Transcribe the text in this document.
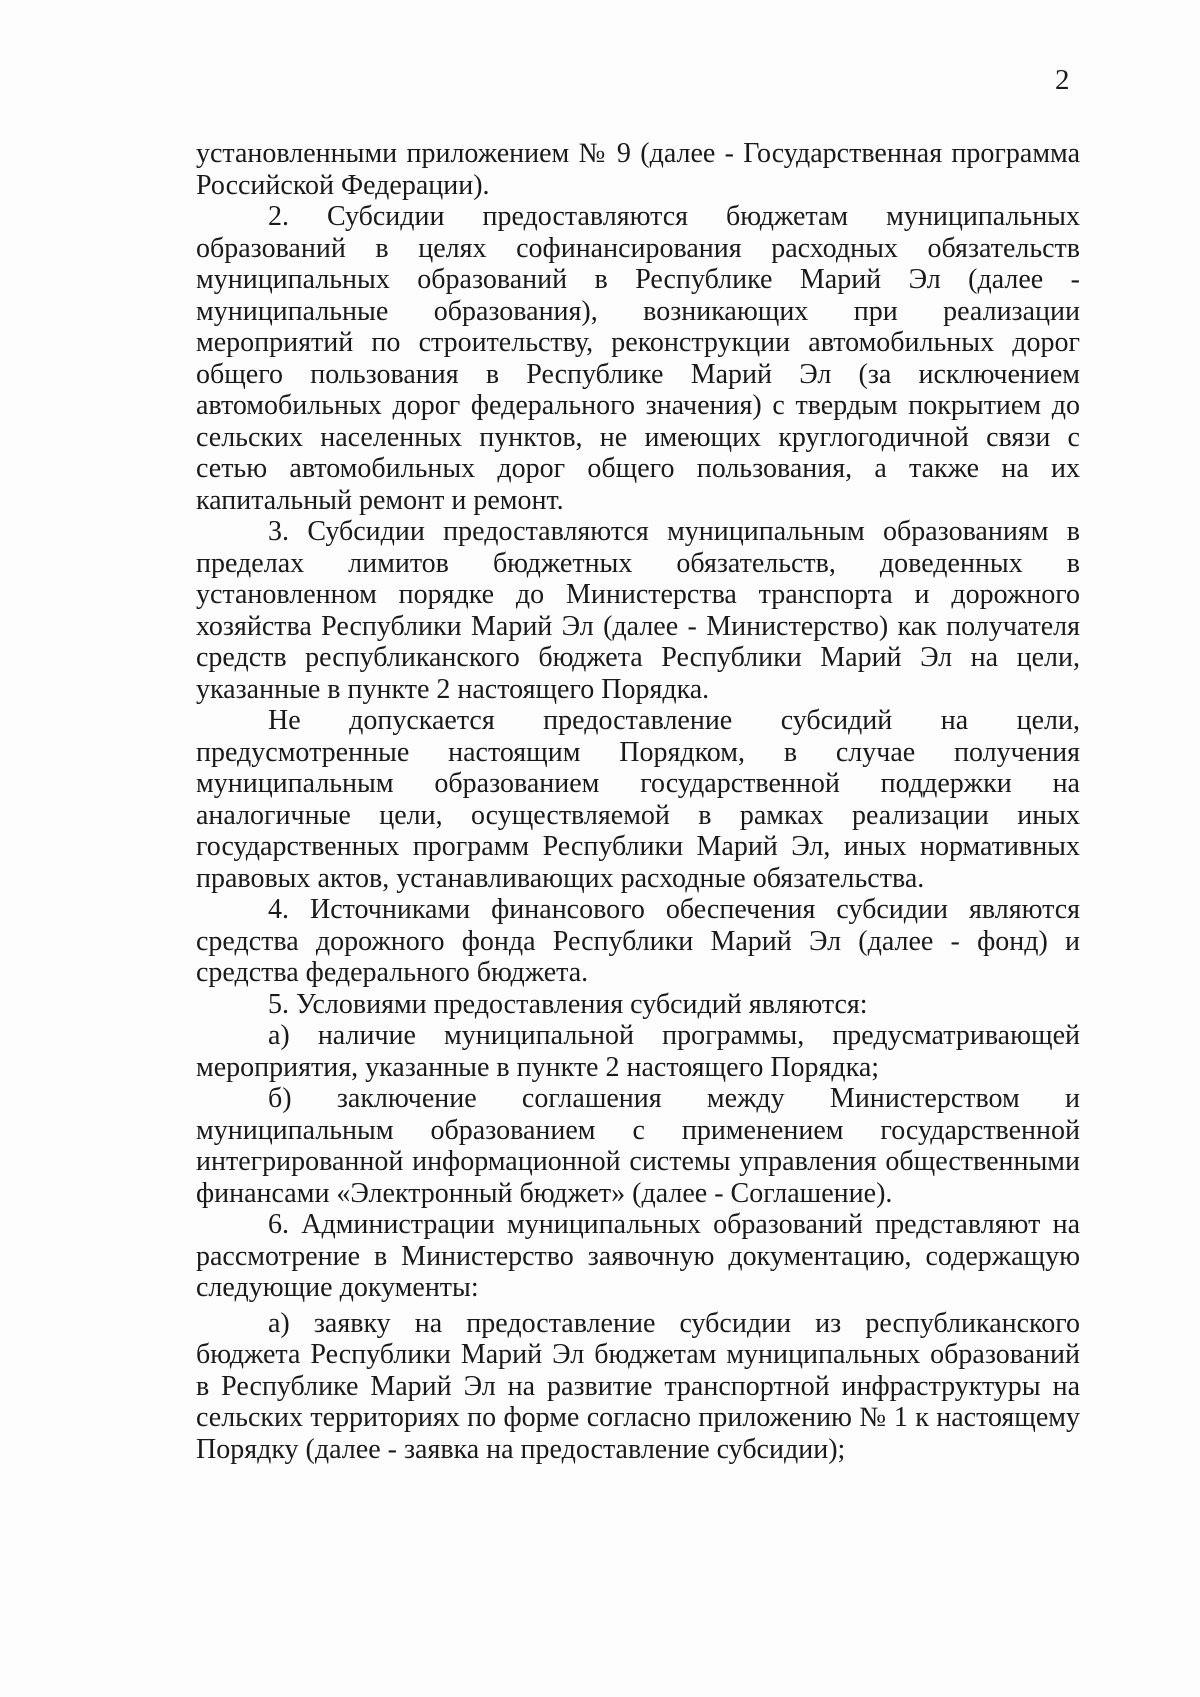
2

установленными приложением № 9 (далее - Государственная программа Российской Федерации).

2. Субсидии предоставляются бюджетам муниципальных образований в целях софинансирования расходных обязательств муниципальных образований в Республике Марий Эл (далее - муниципальные образования), возникающих при реализации мероприятий по строительству, реконструкции автомобильных дорог общего пользования в Республике Марий Эл (за исключением автомобильных дорог федерального значения) с твердым покрытием до сельских населенных пунктов, не имеющих круглогодичной связи с сетью автомобильных дорог общего пользования, а также на их капитальный ремонт и ремонт.

3. Субсидии предоставляются муниципальным образованиям в пределах лимитов бюджетных обязательств, доведенных в установленном порядке до Министерства транспорта и дорожного хозяйства Республики Марий Эл (далее - Министерство) как получателя средств республиканского бюджета Республики Марий Эл на цели, указанные в пункте 2 настоящего Порядка.

Не допускается предоставление субсидий на цели, предусмотренные настоящим Порядком, в случае получения муниципальным образованием государственной поддержки на аналогичные цели, осуществляемой в рамках реализации иных государственных программ Республики Марий Эл, иных нормативных правовых актов, устанавливающих расходные обязательства.

4. Источниками финансового обеспечения субсидии являются средства дорожного фонда Республики Марий Эл (далее - фонд) и средства федерального бюджета.

5. Условиями предоставления субсидий являются:

а) наличие муниципальной программы, предусматривающей мероприятия, указанные в пункте 2 настоящего Порядка;

б) заключение соглашения между Министерством и муниципальным образованием с применением государственной интегрированной информационной системы управления общественными финансами «Электронный бюджет» (далее - Соглашение).

6. Администрации муниципальных образований представляют на рассмотрение в Министерство заявочную документацию, содержащую следующие документы:

а) заявку на предоставление субсидии из республиканского бюджета Республики Марий Эл бюджетам муниципальных образований в Республике Марий Эл на развитие транспортной инфраструктуры на сельских территориях по форме согласно приложению № 1 к настоящему Порядку (далее - заявка на предоставление субсидии);
